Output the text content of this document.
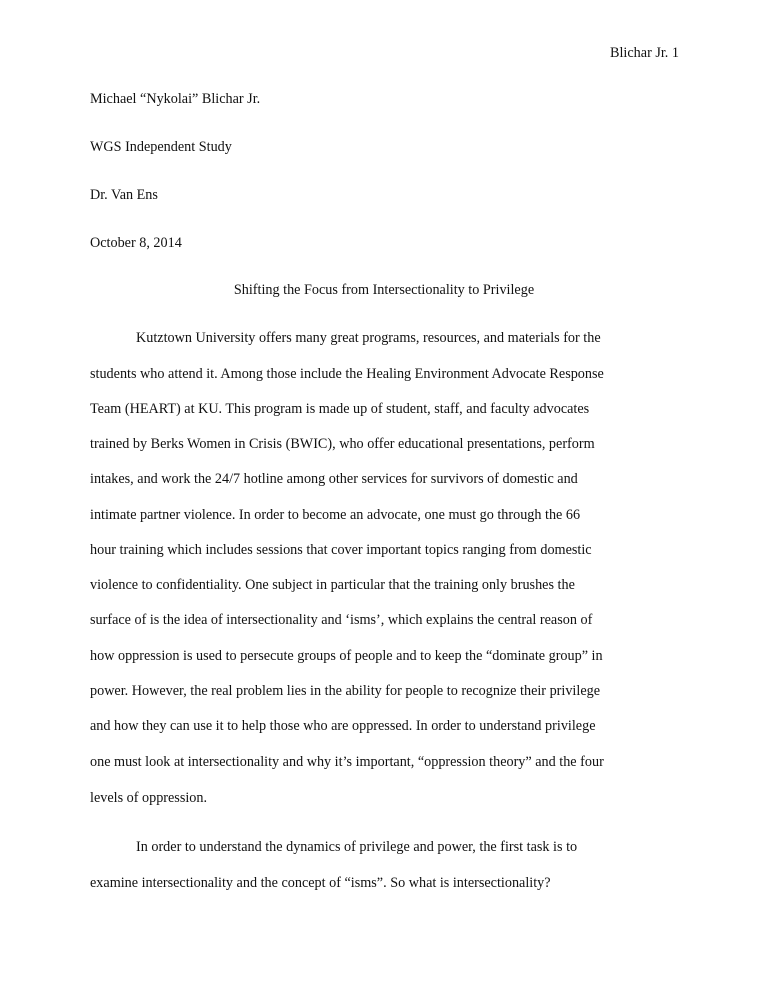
Blichar Jr. 1
Michael “Nykolai” Blichar Jr.
WGS Independent Study
Dr. Van Ens
October 8, 2014
Shifting the Focus from Intersectionality to Privilege
Kutztown University offers many great programs, resources, and materials for the
students who attend it. Among those include the Healing Environment Advocate Response
Team (HEART) at KU. This program is made up of student, staff, and faculty advocates
trained by Berks Women in Crisis (BWIC), who offer educational presentations, perform
intakes, and work the 24/7 hotline among other services for survivors of domestic and
intimate partner violence. In order to become an advocate, one must go through the 66
hour training which includes sessions that cover important topics ranging from domestic
violence to confidentiality. One subject in particular that the training only brushes the
surface of is the idea of intersectionality and ‘isms’, which explains the central reason of
how oppression is used to persecute groups of people and to keep the “dominate group” in
power. However, the real problem lies in the ability for people to recognize their privilege
and how they can use it to help those who are oppressed. In order to understand privilege
one must look at intersectionality and why it’s important, “oppression theory” and the four
levels of oppression.
In order to understand the dynamics of privilege and power, the first task is to
examine intersectionality and the concept of “isms”. So what is intersectionality?
